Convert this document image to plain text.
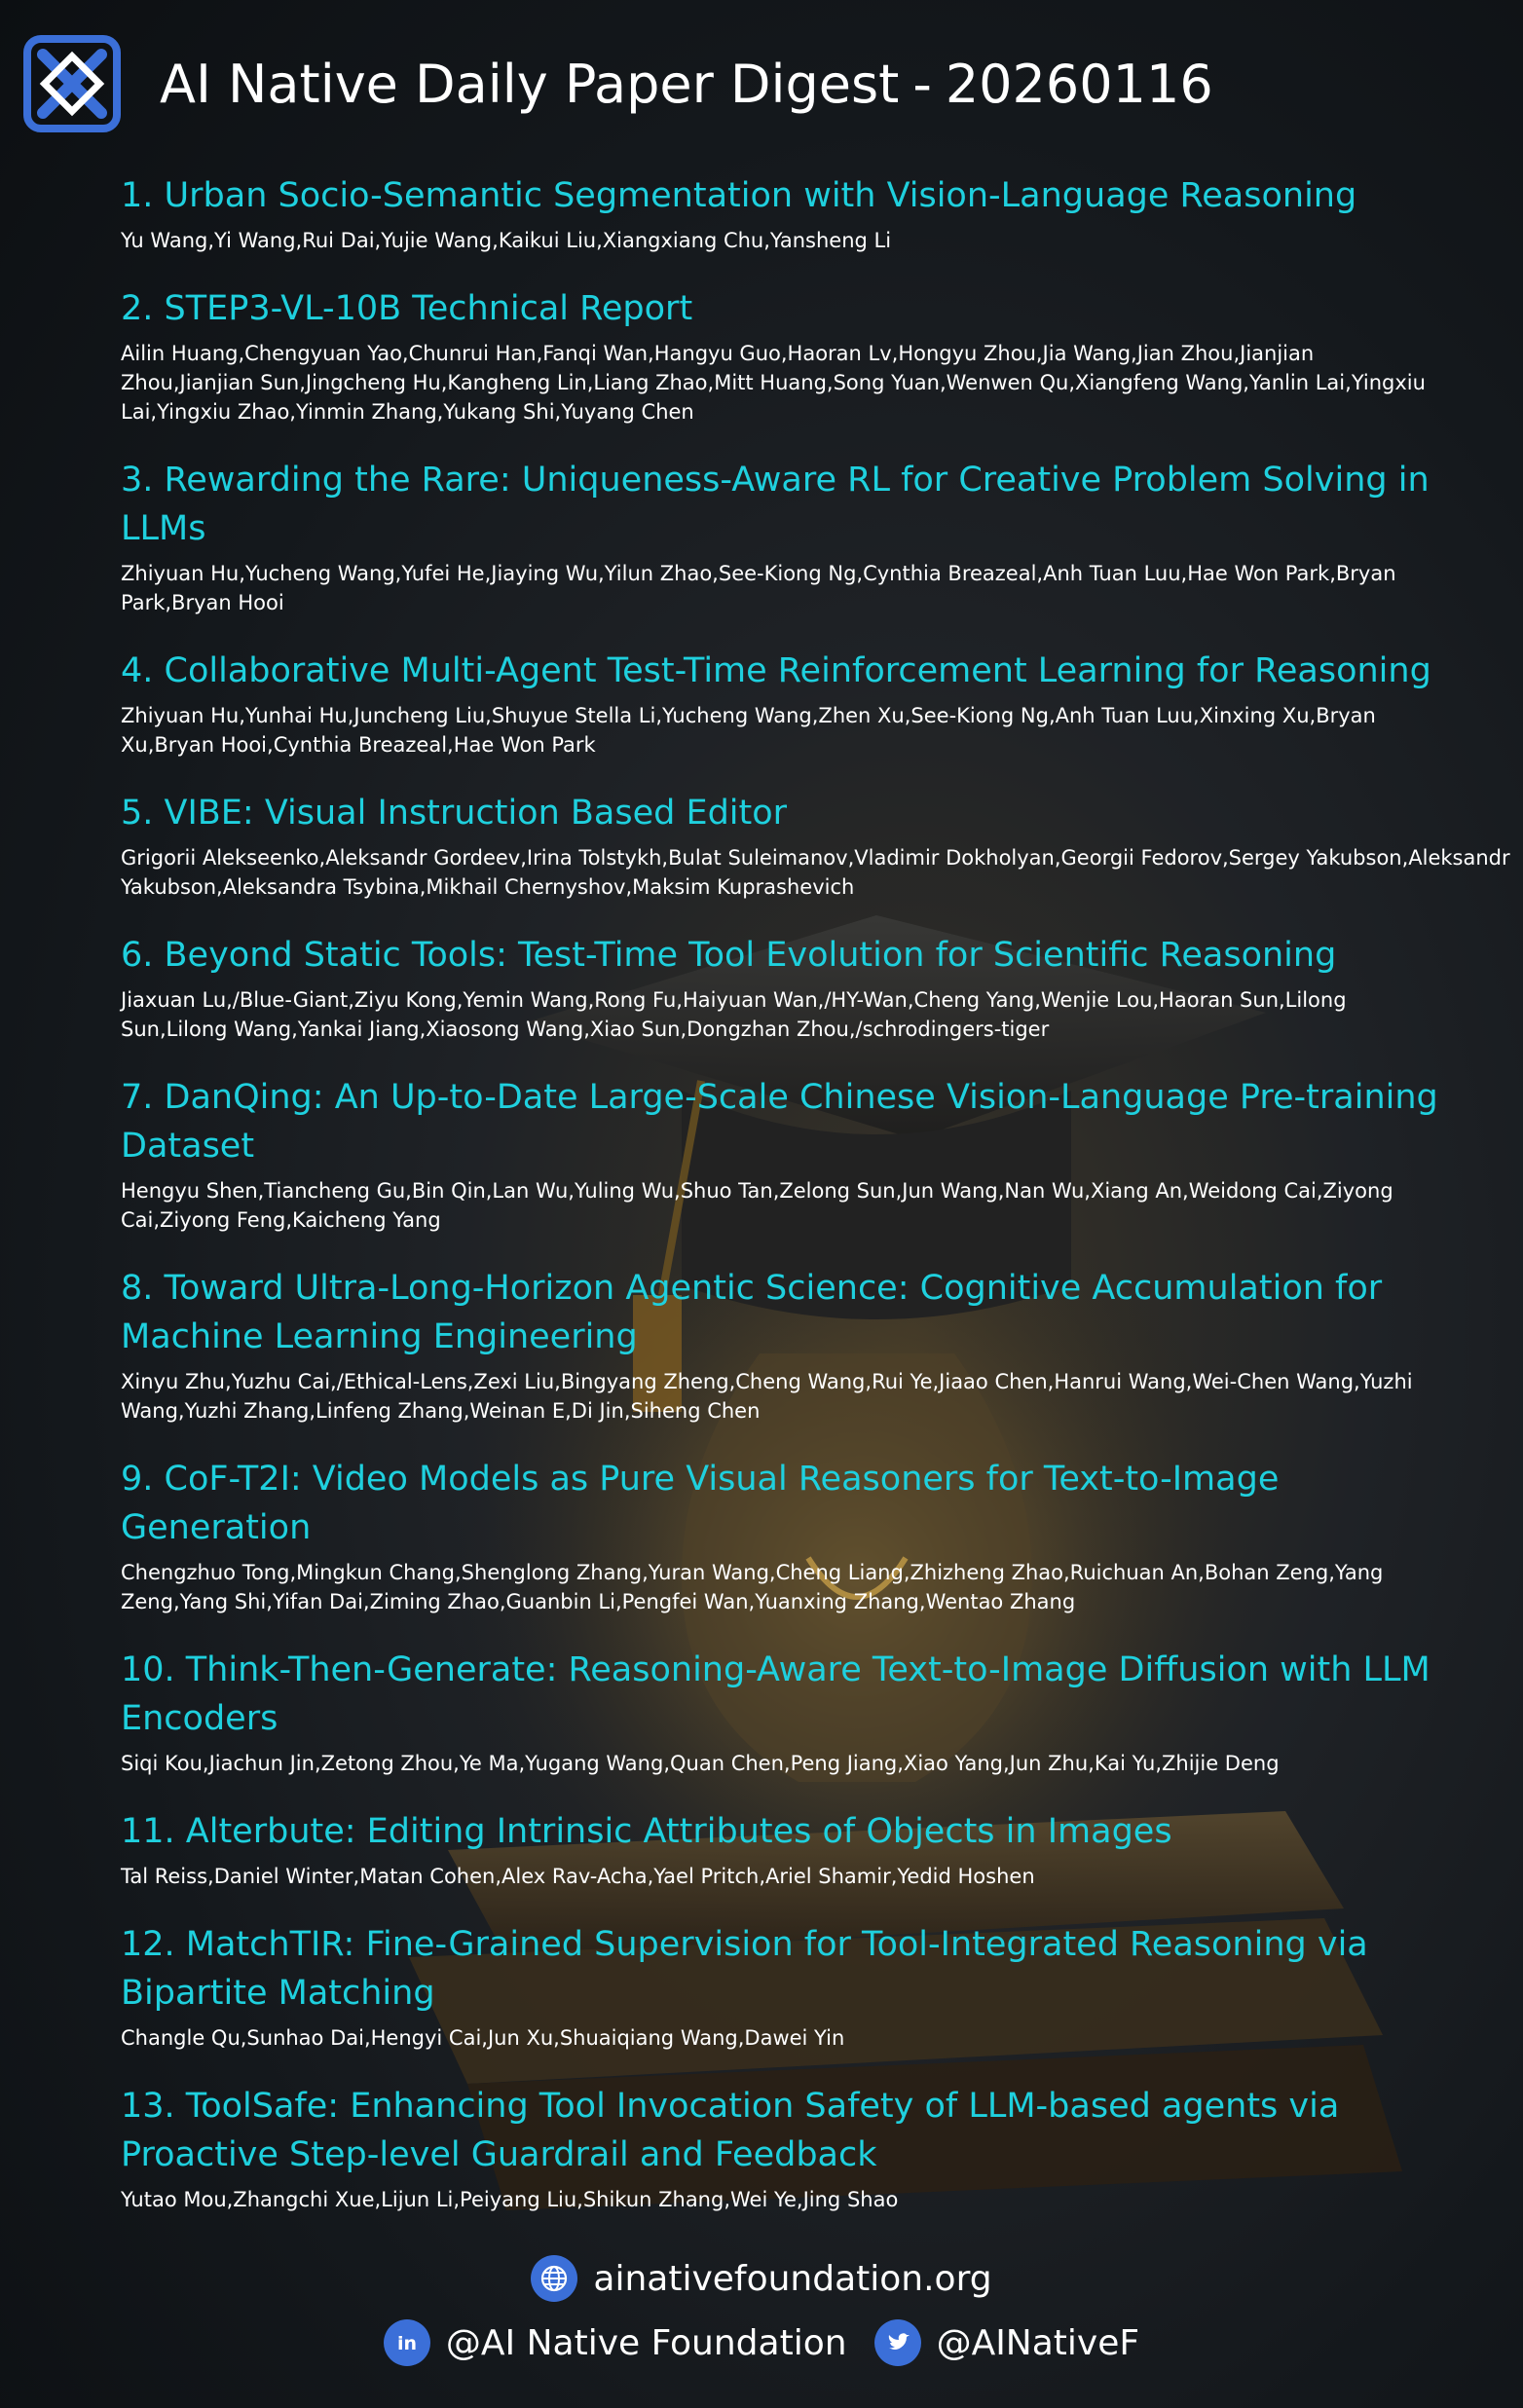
AI Native Daily Paper Digest - 20260116
1. Urban Socio-Semantic Segmentation with Vision-Language Reasoning
Yu Wang,Yi Wang,Rui Dai,Yujie Wang,Kaikui Liu,Xiangxiang Chu,Yansheng Li
2. STEP3-VL-10B Technical Report
Ailin Huang,Chengyuan Yao,Chunrui Han,Fanqi Wan,Hangyu Guo,Haoran Lv,Hongyu Zhou,Jia Wang,Jian Zhou,Jianjian Zhou,Jianjian Sun,Jingcheng Hu,Kangheng Lin,Liang Zhao,Mitt Huang,Song Yuan,Wenwen Qu,Xiangfeng Wang,Yanlin Lai,Yingxiu Lai,Yingxiu Zhao,Yinmin Zhang,Yukang Shi,Yuyang Chen
3. Rewarding the Rare: Uniqueness-Aware RL for Creative Problem Solving in LLMs
Zhiyuan Hu,Yucheng Wang,Yufei He,Jiaying Wu,Yilun Zhao,See-Kiong Ng,Cynthia Breazeal,Anh Tuan Luu,Hae Won Park,Bryan Park,Bryan Hooi
4. Collaborative Multi-Agent Test-Time Reinforcement Learning for Reasoning
Zhiyuan Hu,Yunhai Hu,Juncheng Liu,Shuyue Stella Li,Yucheng Wang,Zhen Xu,See-Kiong Ng,Anh Tuan Luu,Xinxing Xu,Bryan Xu,Bryan Hooi,Cynthia Breazeal,Hae Won Park
5. VIBE: Visual Instruction Based Editor
Grigorii Alekseenko,Aleksandr Gordeev,Irina Tolstykh,Bulat Suleimanov,Vladimir Dokholyan,Georgii Fedorov,Sergey Yakubson,Aleksandr
Yakubson,Aleksandra Tsybina,Mikhail Chernyshov,Maksim Kuprashevich
6. Beyond Static Tools: Test-Time Tool Evolution for Scientific Reasoning
Jiaxuan Lu,/Blue-Giant,Ziyu Kong,Yemin Wang,Rong Fu,Haiyuan Wan,/HY-Wan,Cheng Yang,Wenjie Lou,Haoran Sun,Lilong Sun,Lilong Wang,Yankai Jiang,Xiaosong Wang,Xiao Sun,Dongzhan Zhou,/schrodingers-tiger
7. DanQing: An Up-to-Date Large-Scale Chinese Vision-Language Pre-training Dataset
Hengyu Shen,Tiancheng Gu,Bin Qin,Lan Wu,Yuling Wu,Shuo Tan,Zelong Sun,Jun Wang,Nan Wu,Xiang An,Weidong Cai,Ziyong Cai,Ziyong Feng,Kaicheng Yang
8. Toward Ultra-Long-Horizon Agentic Science: Cognitive Accumulation for Machine Learning Engineering
Xinyu Zhu,Yuzhu Cai,/Ethical-Lens,Zexi Liu,Bingyang Zheng,Cheng Wang,Rui Ye,Jiaao Chen,Hanrui Wang,Wei-Chen Wang,Yuzhi Wang,Yuzhi Zhang,Linfeng Zhang,Weinan E,Di Jin,Siheng Chen
9. CoF-T2I: Video Models as Pure Visual Reasoners for Text-to-Image Generation
Chengzhuo Tong,Mingkun Chang,Shenglong Zhang,Yuran Wang,Cheng Liang,Zhizheng Zhao,Ruichuan An,Bohan Zeng,Yang Zeng,Yang Shi,Yifan Dai,Ziming Zhao,Guanbin Li,Pengfei Wan,Yuanxing Zhang,Wentao Zhang
10. Think-Then-Generate: Reasoning-Aware Text-to-Image Diffusion with LLM Encoders
Siqi Kou,Jiachun Jin,Zetong Zhou,Ye Ma,Yugang Wang,Quan Chen,Peng Jiang,Xiao Yang,Jun Zhu,Kai Yu,Zhijie Deng
11. Alterbute: Editing Intrinsic Attributes of Objects in Images
Tal Reiss,Daniel Winter,Matan Cohen,Alex Rav-Acha,Yael Pritch,Ariel Shamir,Yedid Hoshen
12. MatchTIR: Fine-Grained Supervision for Tool-Integrated Reasoning via Bipartite Matching
Changle Qu,Sunhao Dai,Hengyi Cai,Jun Xu,Shuaiqiang Wang,Dawei Yin
13. ToolSafe: Enhancing Tool Invocation Safety of LLM-based agents via Proactive Step-level Guardrail and Feedback
Yutao Mou,Zhangchi Xue,Lijun Li,Peiyang Liu,Shikun Zhang,Wei Ye,Jing Shao
ainativefoundation.org
in @AI Native Foundation	@AINativeF
